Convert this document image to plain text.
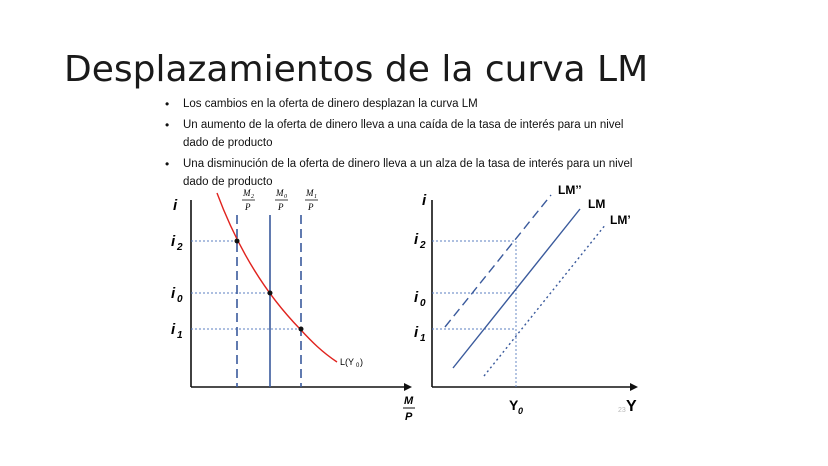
Desplazamientos de la curva LM
• Los cambios en la oferta de dinero desplazan la curva LM
• Un aumento de la oferta de dinero lleva a una caída de la tasa de interés para un nivel dado de producto
• Una disminución de la oferta de dinero lleva a un alza de la tasa de interés para un nivel dado de producto
i
M 2
P
M 0
P
M 1
P
i 2
i 0
i 1
L(Y 0 )
M
P
i
LM’’
LM
LM’
i 2
i 0
i 1
Y 0	Y
23
